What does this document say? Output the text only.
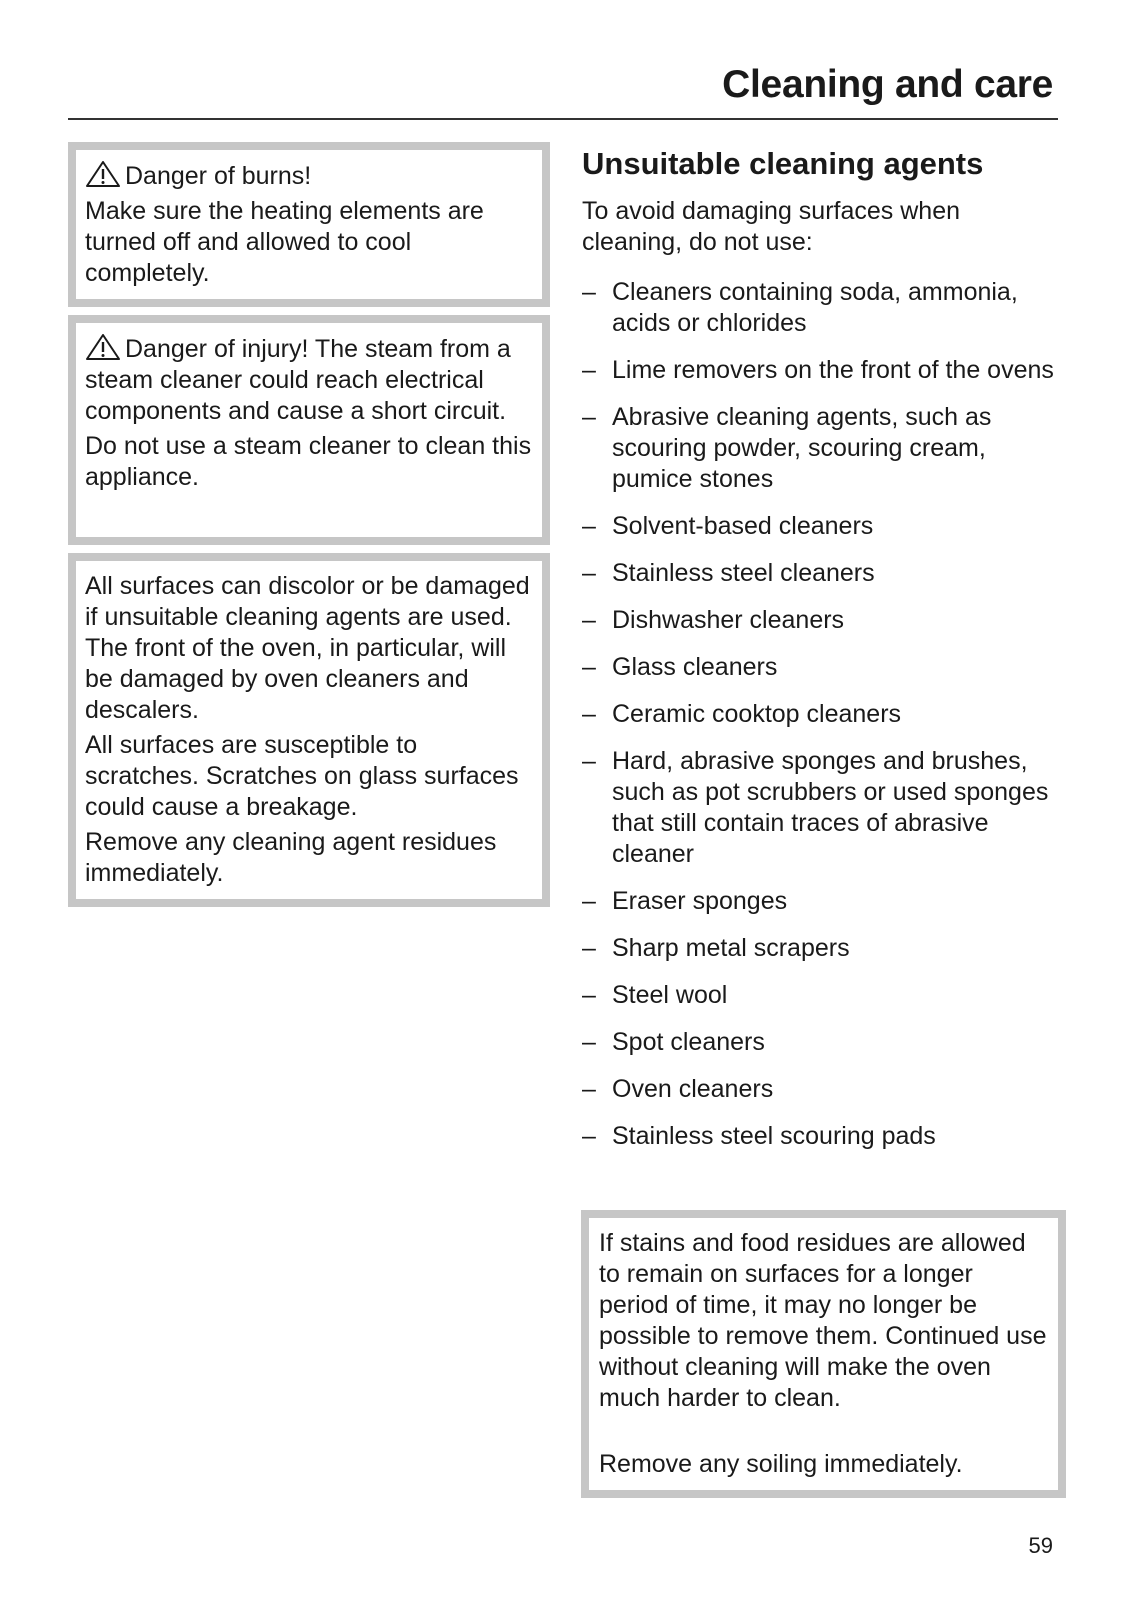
Cleaning and care

Danger of burns!

Make sure the heating elements are turned off and allowed to cool completely.

Danger of injury! The steam from a steam cleaner could reach electrical components and cause a short circuit.

Do not use a steam cleaner to clean this appliance.

All surfaces can discolor or be damaged if unsuitable cleaning agents are used. The front of the oven, in particular, will be damaged by oven cleaners and descalers.

All surfaces are susceptible to scratches. Scratches on glass surfaces could cause a breakage.

Remove any cleaning agent residues immediately.

Unsuitable cleaning agents

To avoid damaging surfaces when cleaning, do not use:

– Cleaners containing soda, ammonia, acids or chlorides
– Lime removers on the front of the ovens
– Abrasive cleaning agents, such as scouring powder, scouring cream, pumice stones
– Solvent-based cleaners
– Stainless steel cleaners
– Dishwasher cleaners
– Glass cleaners
– Ceramic cooktop cleaners
– Hard, abrasive sponges and brushes, such as pot scrubbers or used sponges that still contain traces of abrasive cleaner
– Eraser sponges
– Sharp metal scrapers
– Steel wool
– Spot cleaners
– Oven cleaners
– Stainless steel scouring pads

If stains and food residues are allowed to remain on surfaces for a longer period of time, it may no longer be possible to remove them. Continued use without cleaning will make the oven much harder to clean.

Remove any soiling immediately.

59
